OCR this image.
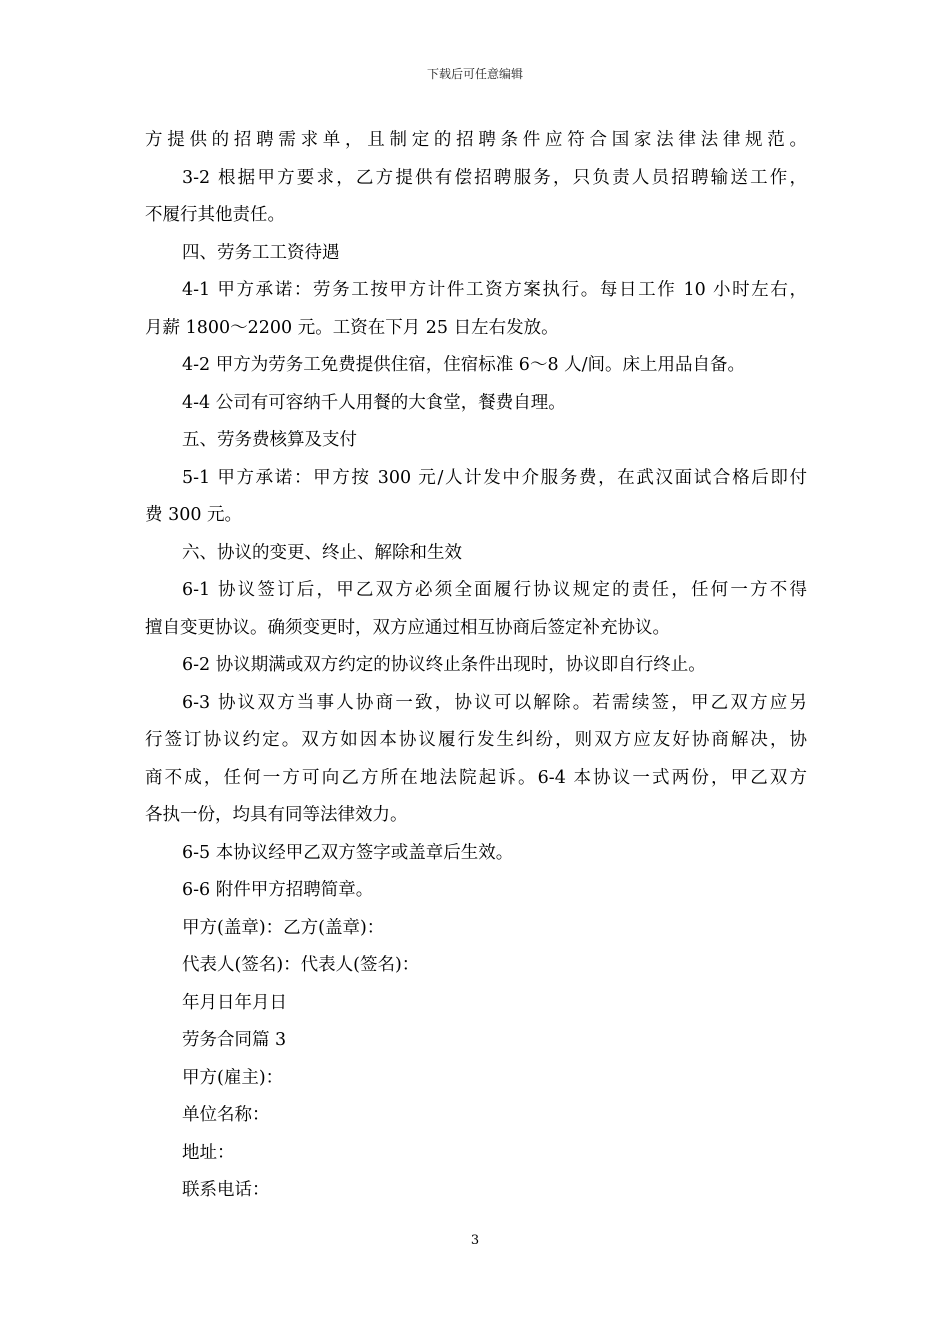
下载后可任意编辑
方提供的招聘需求单，且制定的招聘条件应符合国家法律法律规范。
3-2 根据甲方要求，乙方提供有偿招聘服务，只负责人员招聘输送工作，
不履行其他责任。
四、劳务工工资待遇
4-1 甲方承诺：劳务工按甲方计件工资方案执行。每日工作 10 小时左右，
月薪 1800～2200 元。工资在下月 25 日左右发放。
4-2 甲方为劳务工免费提供住宿，住宿标准 6～8 人/间。床上用品自备。
4-4 公司有可容纳千人用餐的大食堂，餐费自理。
五、劳务费核算及支付
5-1 甲方承诺：甲方按 300 元/人计发中介服务费，在武汉面试合格后即付
费 300 元。
六、协议的变更、终止、解除和生效
6-1 协议签订后，甲乙双方必须全面履行协议规定的责任，任何一方不得
擅自变更协议。确须变更时，双方应通过相互协商后签定补充协议。
6-2 协议期满或双方约定的协议终止条件出现时，协议即自行终止。
6-3 协议双方当事人协商一致，协议可以解除。若需续签，甲乙双方应另
行签订协议约定。双方如因本协议履行发生纠纷，则双方应友好协商解决，协
商不成，任何一方可向乙方所在地法院起诉。6-4 本协议一式两份，甲乙双方
各执一份，均具有同等法律效力。
6-5 本协议经甲乙双方签字或盖章后生效。
6-6 附件甲方招聘简章。
甲方(盖章)：乙方(盖章)：
代表人(签名)：代表人(签名)：
年月日年月日
劳务合同篇 3
甲方(雇主)：
单位名称：
地址：
联系电话：
3
